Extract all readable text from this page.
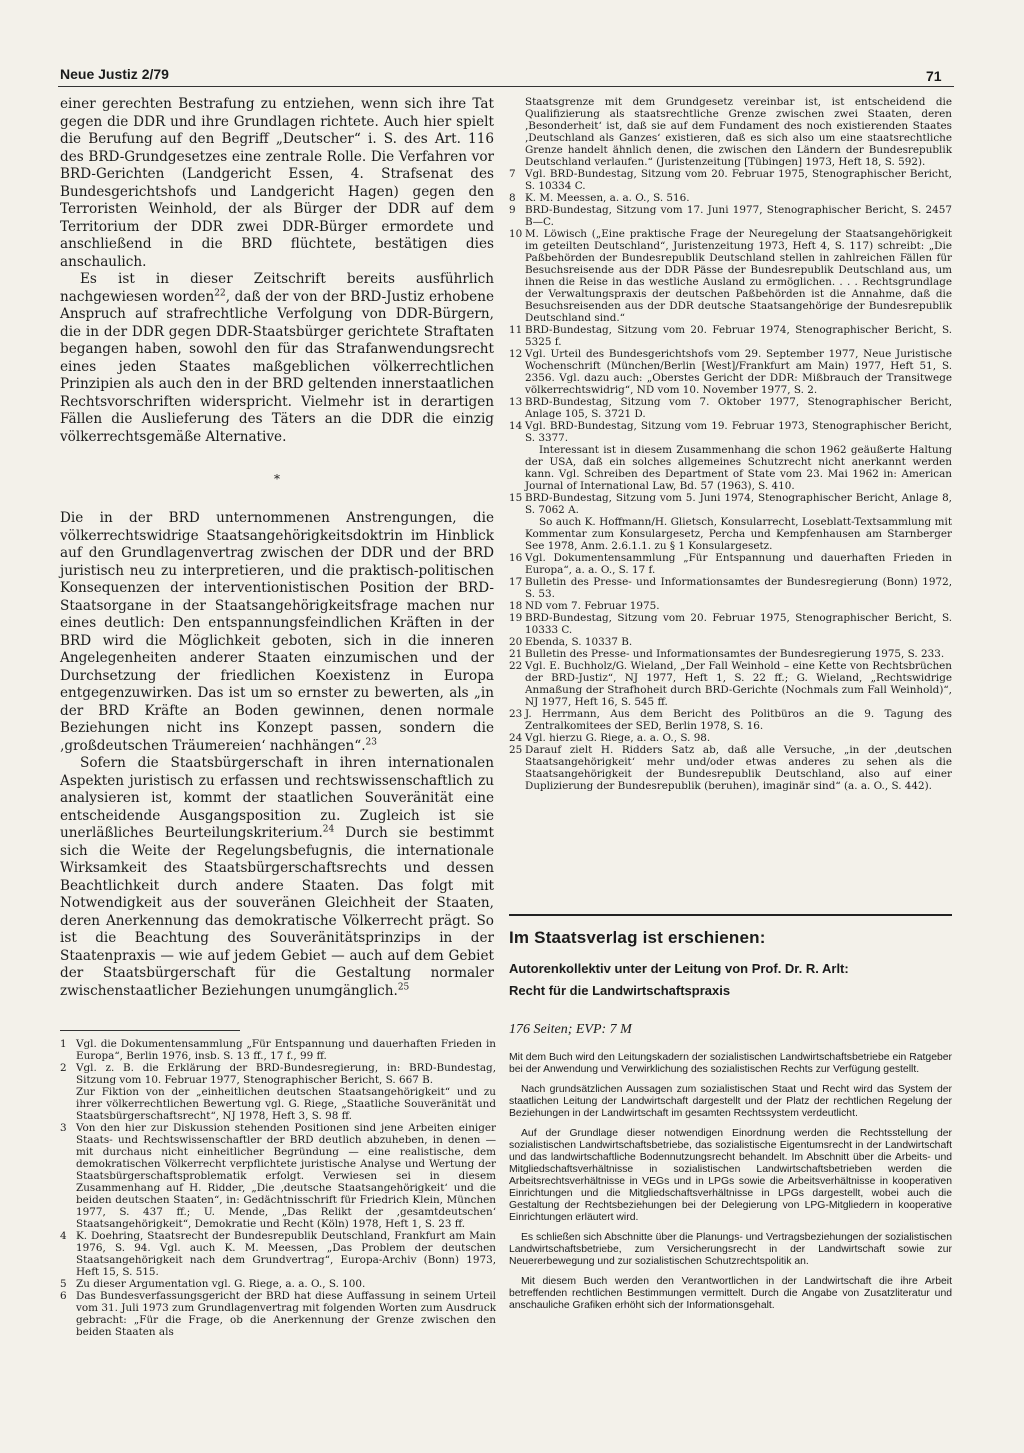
Neue Justiz 2/79	71

einer gerechten Bestrafung zu entziehen, wenn sich ihre Tat gegen die DDR und ihre Grundlagen richtete. Auch hier spielt die Berufung auf den Begriff „Deutscher“ i. S. des Art. 116 des BRD-Grundgesetzes eine zentrale Rolle. Die Verfahren vor BRD-Gerichten (Landgericht Essen, 4. Strafsenat des Bundesgerichtshofs und Landgericht Hagen) gegen den Terroristen Weinhold, der als Bürger der DDR auf dem Territorium der DDR zwei DDR-Bürger ermordete und anschließend in die BRD flüchtete, bestätigen dies anschaulich.

Es ist in dieser Zeitschrift bereits ausführlich nachgewiesen worden$^{22}$, daß der von der BRD-Justiz erhobene Anspruch auf strafrechtliche Verfolgung von DDR-Bürgern, die in der DDR gegen DDR-Staatsbürger gerichtete Straftaten begangen haben, sowohl den für das Strafanwendungsrecht eines jeden Staates maßgeblichen völkerrechtlichen Prinzipien als auch den in der BRD geltenden innerstaatlichen Rechtsvorschriften widerspricht. Vielmehr ist in derartigen Fällen die Auslieferung des Täters an die DDR die einzig völkerrechtsgemäße Alternative.

*

Die in der BRD unternommenen Anstrengungen, die völkerrechtswidrige Staatsangehörigkeitsdoktrin im Hinblick auf den Grundlagenvertrag zwischen der DDR und der BRD juristisch neu zu interpretieren, und die praktisch-politischen Konsequenzen der interventionistischen Position der BRD-Staatsorgane in der Staatsangehörigkeitsfrage machen nur eines deutlich: Den entspannungsfeindlichen Kräften in der BRD wird die Möglichkeit geboten, sich in die inneren Angelegenheiten anderer Staaten einzumischen und der Durchsetzung der friedlichen Koexistenz in Europa entgegenzuwirken. Das ist um so ernster zu bewerten, als „in der BRD Kräfte an Boden gewinnen, denen normale Beziehungen nicht ins Konzept passen, sondern die ‚großdeutschen Träumereien‘ nachhängen“.$^{23}$

Sofern die Staatsbürgerschaft in ihren internationalen Aspekten juristisch zu erfassen und rechtswissenschaftlich zu analysieren ist, kommt der staatlichen Souveränität eine entscheidende Ausgangsposition zu. Zugleich ist sie unerläßliches Beurteilungskriterium.$^{24}$ Durch sie bestimmt sich die Weite der Regelungsbefugnis, die internationale Wirksamkeit des Staatsbürgerschaftsrechts und dessen Beachtlichkeit durch andere Staaten. Das folgt mit Notwendigkeit aus der souveränen Gleichheit der Staaten, deren Anerkennung das demokratische Völkerrecht prägt. So ist die Beachtung des Souveränitätsprinzips in der Staatenpraxis — wie auf jedem Gebiet — auch auf dem Gebiet der Staatsbürgerschaft für die Gestaltung normaler zwischenstaatlicher Beziehungen unumgänglich.$^{25}$

1 Vgl. die Dokumentensammlung „Für Entspannung und dauerhaften Frieden in Europa“, Berlin 1976, insb. S. 13 ff., 17 f., 99 ff.
2 Vgl. z. B. die Erklärung der BRD-Bundesregierung, in: BRD-Bundestag, Sitzung vom 10. Februar 1977, Stenographischer Bericht, S. 667 B.
Zur Fiktion von der „einheitlichen deutschen Staatsangehörigkeit“ und zu ihrer völkerrechtlichen Bewertung vgl. G. Riege, „Staatliche Souveränität und Staatsbürgerschaftsrecht“, NJ 1978, Heft 3, S. 98 ff.
3 Von den hier zur Diskussion stehenden Positionen sind jene Arbeiten einiger Staats- und Rechtswissenschaftler der BRD deutlich abzuheben, in denen — mit durchaus nicht einheitlicher Begründung — eine realistische, dem demokratischen Völkerrecht verpflichtete juristische Analyse und Wertung der Staatsbürgerschaftsproblematik erfolgt. Verwiesen sei in diesem Zusammenhang auf H. Ridder, „Die ‚deutsche Staatsangehörigkeit‘ und die beiden deutschen Staaten“, in: Gedächtnisschrift für Friedrich Klein, München 1977, S. 437 ff.; U. Mende, „Das Relikt der ‚gesamtdeutschen‘ Staatsangehörigkeit“, Demokratie und Recht (Köln) 1978, Heft 1, S. 23 ff.
4 K. Doehring, Staatsrecht der Bundesrepublik Deutschland, Frankfurt am Main 1976, S. 94. Vgl. auch K. M. Meessen, „Das Problem der deutschen Staatsangehörigkeit nach dem Grundvertrag“, Europa-Archiv (Bonn) 1973, Heft 15, S. 515.
5 Zu dieser Argumentation vgl. G. Riege, a. a. O., S. 100.
6 Das Bundesverfassungsgericht der BRD hat diese Auffassung in seinem Urteil vom 31. Juli 1973 zum Grundlagenvertrag mit folgenden Worten zum Ausdruck gebracht: „Für die Frage, ob die Anerkennung der Grenze zwischen den beiden Staaten als
Staatsgrenze mit dem Grundgesetz vereinbar ist, ist entscheidend die Qualifizierung als staatsrechtliche Grenze zwischen zwei Staaten, deren ‚Besonderheit‘ ist, daß sie auf dem Fundament des noch existierenden Staates ‚Deutschland als Ganzes‘ existieren, daß es sich also um eine staatsrechtliche Grenze handelt ähnlich denen, die zwischen den Ländern der Bundesrepublik Deutschland verlaufen.“ (Juristenzeitung [Tübingen] 1973, Heft 18, S. 592).
7 Vgl. BRD-Bundestag, Sitzung vom 20. Februar 1975, Stenographischer Bericht, S. 10334 C.
8 K. M. Meessen, a. a. O., S. 516.
9 BRD-Bundestag, Sitzung vom 17. Juni 1977, Stenographischer Bericht, S. 2457 B—C.
10 M. Löwisch („Eine praktische Frage der Neuregelung der Staatsangehörigkeit im geteilten Deutschland“, Juristenzeitung 1973, Heft 4, S. 117) schreibt: „Die Paßbehörden der Bundesrepublik Deutschland stellen in zahlreichen Fällen für Besuchsreisende aus der DDR Pässe der Bundesrepublik Deutschland aus, um ihnen die Reise in das westliche Ausland zu ermöglichen. . . . Rechtsgrundlage der Verwaltungspraxis der deutschen Paßbehörden ist die Annahme, daß die Besuchsreisenden aus der DDR deutsche Staatsangehörige der Bundesrepublik Deutschland sind.“
11 BRD-Bundestag, Sitzung vom 20. Februar 1974, Stenographischer Bericht, S. 5325 f.
12 Vgl. Urteil des Bundesgerichtshofs vom 29. September 1977, Neue Juristische Wochenschrift (München/Berlin [West]/Frankfurt am Main) 1977, Heft 51, S. 2356. Vgl. dazu auch: „Oberstes Gericht der DDR: Mißbrauch der Transitwege völkerrechtswidrig“, ND vom 10. November 1977, S. 2.
13 BRD-Bundestag, Sitzung vom 7. Oktober 1977, Stenographischer Bericht, Anlage 105, S. 3721 D.
14 Vgl. BRD-Bundestag, Sitzung vom 19. Februar 1973, Stenographischer Bericht, S. 3377.

Interessant ist in diesem Zusammenhang die schon 1962 geäußerte Haltung der USA, daß ein solches allgemeines Schutzrecht nicht anerkannt werden kann. Vgl. Schreiben des Department of State vom 23. Mai 1962 in: American Journal of International Law, Bd. 57 (1963), S. 410.

15 BRD-Bundestag, Sitzung vom 5. Juni 1974, Stenographischer Bericht, Anlage 8, S. 7062 A.

So auch K. Hoffmann/H. Glietsch, Konsularrecht, Loseblatt-Textsammlung mit Kommentar zum Konsulargesetz, Percha und Kempfenhausen am Starnberger See 1978, Anm. 2.6.1.1. zu § 1 Konsulargesetz.

16 Vgl. Dokumentensammlung „Für Entspannung und dauerhaften Frieden in Europa“, a. a. O., S. 17 f.
17 Bulletin des Presse- und Informationsamtes der Bundesregierung (Bonn) 1972, S. 53.
18 ND vom 7. Februar 1975.
19 BRD-Bundestag, Sitzung vom 20. Februar 1975, Stenographischer Bericht, S. 10333 C.
20 Ebenda, S. 10337 B.
21 Bulletin des Presse- und Informationsamtes der Bundesregierung 1975, S. 233.
22 Vgl. E. Buchholz/G. Wieland, „Der Fall Weinhold – eine Kette von Rechtsbrüchen der BRD-Justiz“, NJ 1977, Heft 1, S. 22 ff.; G. Wieland, „Rechtswidrige Anmaßung der Strafhoheit durch BRD-Gerichte (Nochmals zum Fall Weinhold)“, NJ 1977, Heft 16, S. 545 ff.
23 J. Herrmann, Aus dem Bericht des Politbüros an die 9. Tagung des Zentralkomitees der SED, Berlin 1978, S. 16.
24 Vgl. hierzu G. Riege, a. a. O., S. 98.
25 Darauf zielt H. Ridders Satz ab, daß alle Versuche, „in der ‚deutschen Staatsangehörigkeit‘ mehr und/oder etwas anderes zu sehen als die Staatsangehörigkeit der Bundesrepublik Deutschland, also auf einer Duplizierung der Bundesrepublik (beruhen), imaginär sind“ (a. a. O., S. 442).
Im Staatsverlag ist erschienen:

Autorenkollektiv unter der Leitung von Prof. Dr. R. Arlt:

Recht für die Landwirtschaftspraxis

176 Seiten; EVP: 7 M

Mit dem Buch wird den Leitungskadern der sozialistischen Landwirtschaftsbetriebe ein Ratgeber bei der Anwendung und Verwirklichung des sozialistischen Rechts zur Verfügung gestellt.

Nach grundsätzlichen Aussagen zum sozialistischen Staat und Recht wird das System der staatlichen Leitung der Landwirtschaft dargestellt und der Platz der rechtlichen Regelung der Beziehungen in der Landwirtschaft im gesamten Rechtssystem verdeutlicht.

Auf der Grundlage dieser notwendigen Einordnung werden die Rechtsstellung der sozialistischen Landwirtschaftsbetriebe, das sozialistische Eigentumsrecht in der Landwirtschaft und das landwirtschaftliche Bodennutzungsrecht behandelt. Im Abschnitt über die Arbeits- und Mitgliedschaftsverhältnisse in sozialistischen Landwirtschaftsbetrieben werden die Arbeitsrechtsverhältnisse in VEGs und in LPGs sowie die Arbeitsverhältnisse in kooperativen Einrichtungen und die Mitgliedschaftsverhältnisse in LPGs dargestellt, wobei auch die Gestaltung der Rechtsbeziehungen bei der Delegierung von LPG-Mitgliedern in kooperative Einrichtungen erläutert wird.

Es schließen sich Abschnitte über die Planungs- und Vertragsbeziehungen der sozialistischen Landwirtschaftsbetriebe, zum Versicherungsrecht in der Landwirtschaft sowie zur Neuererbewegung und zur sozialistischen Schutzrechtspolitik an.

Mit diesem Buch werden den Verantwortlichen in der Landwirtschaft die ihre Arbeit betreffenden rechtlichen Bestimmungen vermittelt. Durch die Angabe von Zusatzliteratur und anschauliche Grafiken erhöht sich der Informationsgehalt.
